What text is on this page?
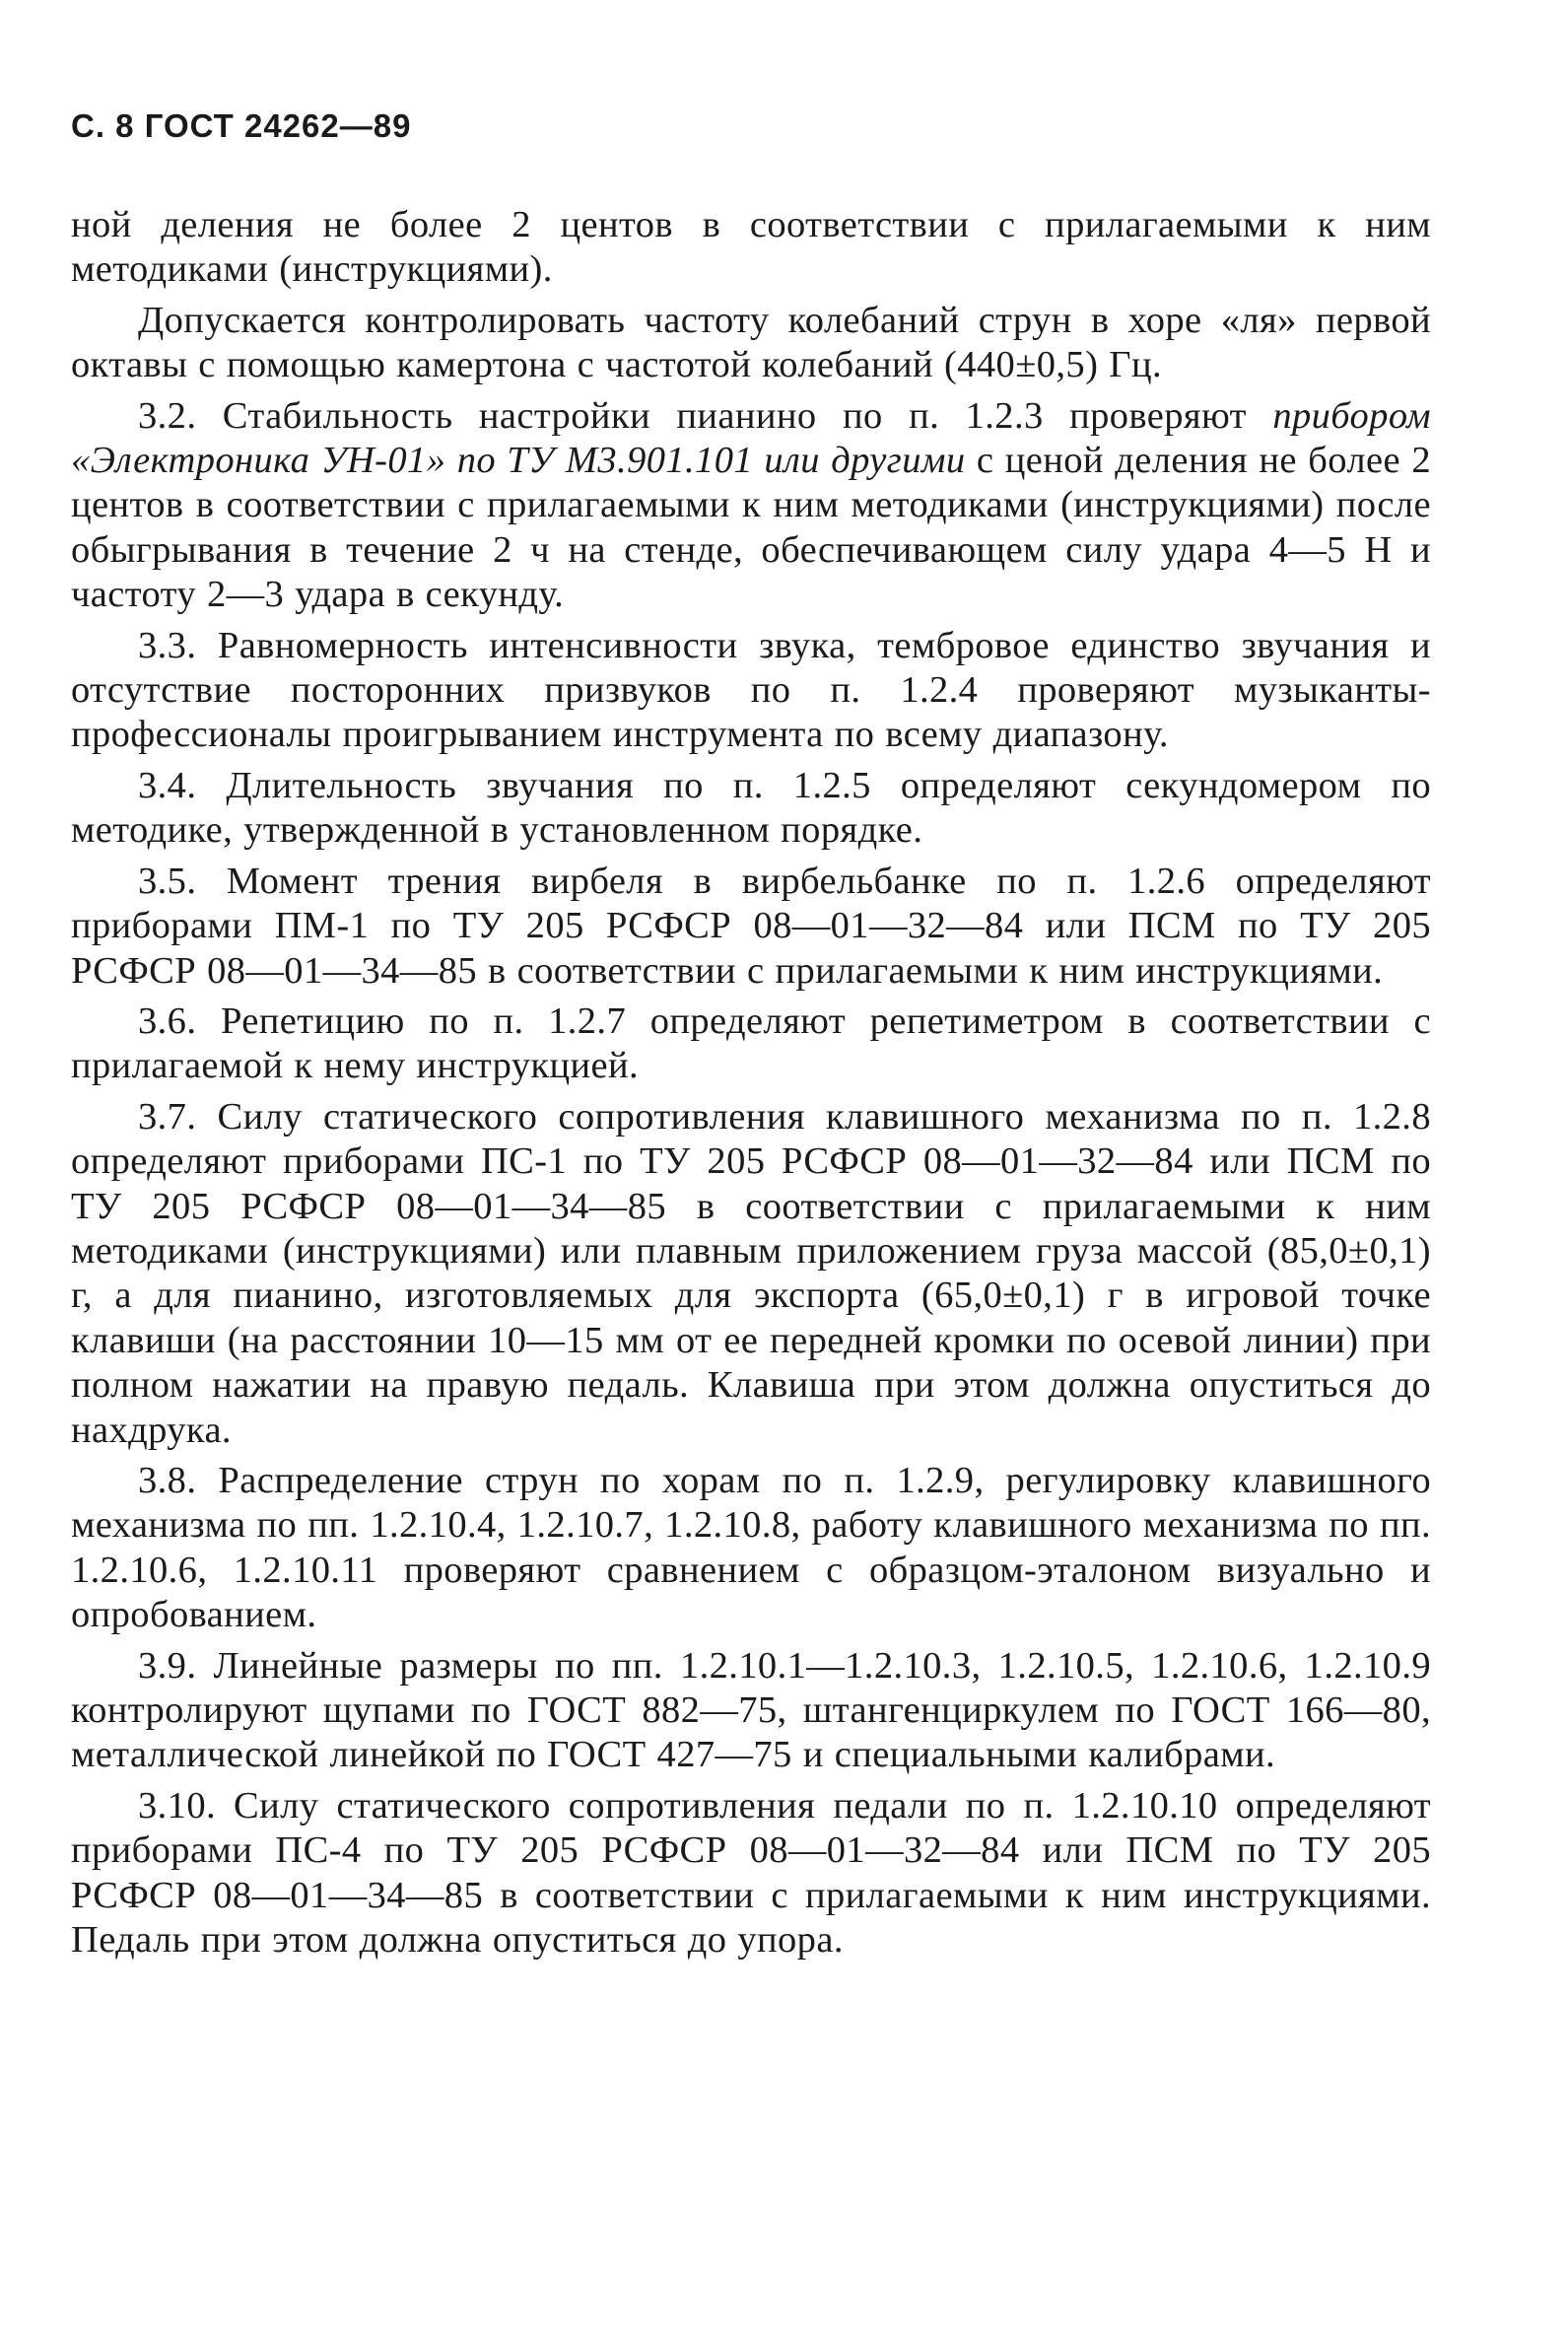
С. 8 ГОСТ 24262—89

ной деления не более 2 центов в соответствии с прилагаемыми к ним методиками (инструкциями).

Допускается контролировать частоту колебаний струн в хоре «ля» первой октавы с помощью камертона с частотой колебаний (440±0,5) Гц.

3.2. Стабильность настройки пианино по п. 1.2.3 проверяют прибором «Электроника УН-01» по ТУ М3.901.101 или другими с ценой деления не более 2 центов в соответствии с прилагаемыми к ним методиками (инструкциями) после обыгрывания в течение 2 ч на стенде, обеспечивающем силу удара 4—5 Н и частоту 2—3 удара в секунду.

3.3. Равномерность интенсивности звука, тембровое единство звучания и отсутствие посторонних призвуков по п. 1.2.4 проверяют музыканты-профессионалы проигрыванием инструмента по всему диапазону.

3.4. Длительность звучания по п. 1.2.5 определяют секундомером по методике, утвержденной в установленном порядке.

3.5. Момент трения вирбеля в вирбельбанке по п. 1.2.6 определяют приборами ПМ-1 по ТУ 205 РСФСР 08—01—32—84 или ПСМ по ТУ 205 РСФСР 08—01—34—85 в соответствии с прилагаемыми к ним инструкциями.

3.6. Репетицию по п. 1.2.7 определяют репетиметром в соответствии с прилагаемой к нему инструкцией.

3.7. Силу статического сопротивления клавишного механизма по п. 1.2.8 определяют приборами ПС-1 по ТУ 205 РСФСР 08—01—32—84 или ПСМ по ТУ 205 РСФСР 08—01—34—85 в соответствии с прилагаемыми к ним методиками (инструкциями) или плавным приложением груза массой (85,0±0,1) г, а для пианино, изготовляемых для экспорта (65,0±0,1) г в игровой точке клавиши (на расстоянии 10—15 мм от ее передней кромки по осевой линии) при полном нажатии на правую педаль. Клавиша при этом должна опуститься до нахдрука.

3.8. Распределение струн по хорам по п. 1.2.9, регулировку клавишного механизма по пп. 1.2.10.4, 1.2.10.7, 1.2.10.8, работу клавишного механизма по пп. 1.2.10.6, 1.2.10.11 проверяют сравнением с образцом-эталоном визуально и опробованием.

3.9. Линейные размеры по пп. 1.2.10.1—1.2.10.3, 1.2.10.5, 1.2.10.6, 1.2.10.9 контролируют щупами по ГОСТ 882—75, штангенциркулем по ГОСТ 166—80, металлической линейкой по ГОСТ 427—75 и специальными калибрами.

3.10. Силу статического сопротивления педали по п. 1.2.10.10 определяют приборами ПС-4 по ТУ 205 РСФСР 08—01—32—84 или ПСМ по ТУ 205 РСФСР 08—01—34—85 в соответствии с прилагаемыми к ним инструкциями. Педаль при этом должна опуститься до упора.
